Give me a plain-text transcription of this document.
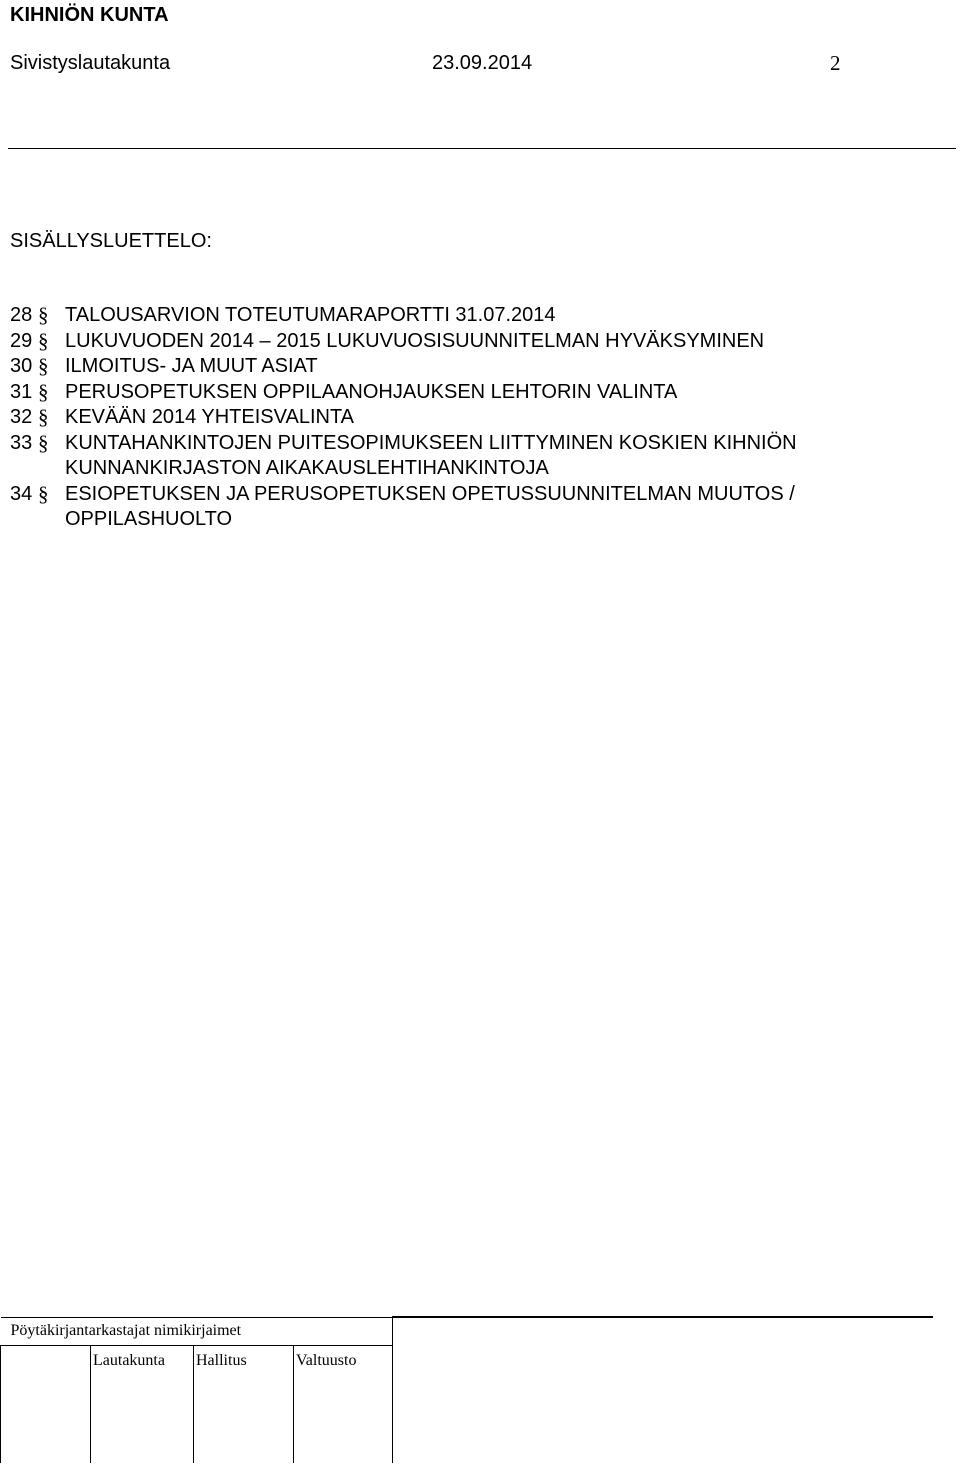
KIHNIÖN KUNTA
Sivistyslautakunta	23.09.2014	2
SISÄLLYSLUETTELO:
28 § TALOUSARVION TOTEUTUMARAPORTTI 31.07.2014
29 § LUKUVUODEN 2014 – 2015 LUKUVUOSISUUNNITELMAN HYVÄKSYMINEN
30 § ILMOITUS- JA MUUT ASIAT
31 § PERUSOPETUKSEN OPPILAANOHJAUKSEN LEHTORIN VALINTA
32 § KEVÄÄN 2014 YHTEISVALINTA
33 § KUNTAHANKINTOJEN PUITESOPIMUKSEEN LIITTYMINEN KOSKIEN KIHNIÖN
KUNNANKIRJASTON AIKAKAUSLEHTIHANKINTOJA
34 § ESIOPETUKSEN JA PERUSOPETUKSEN OPETUSSUUNNITELMAN MUUTOS /
OPPILASHUOLTO
Pöytäkirjantarkastajat nimikirjaimet				
	Lautakunta	Hallitus	Valtuusto	
